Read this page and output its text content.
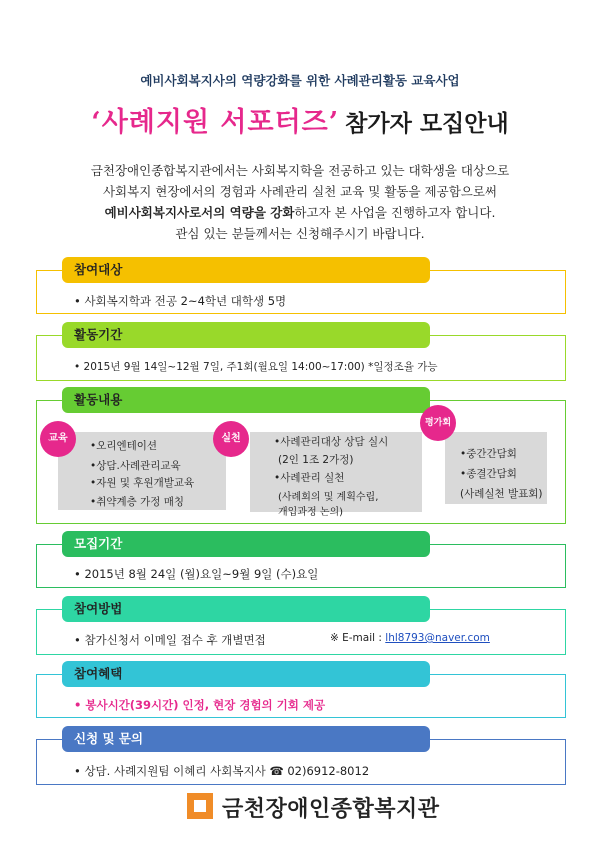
예비사회복지사의 역량강화를 위한 사례관리활동 교육사업
‘사례지원 서포터즈’ 참가자 모집안내
금천장애인종합복지관에서는 사회복지학을 전공하고 있는 대학생을 대상으로
사회복지 현장에서의 경험과 사례관리 실천 교육 및 활동을 제공함으로써
예비사회복지사로서의 역량을 강화하고자 본 사업을 진행하고자 합니다.
관심 있는 분들께서는 신청해주시기 바랍니다.
참여대상
• 사회복지학과 전공 2~4학년 대학생 5명
활동기간
• 2015년 9월 14일~12월 7일, 주1회(월요일 14:00~17:00) *일정조율 가능
활동내용
교육
•오리엔테이션
•상담.사례관리교육
•자원 및 후원개발교육
•취약계층 가정 매칭
실천	•사례관리대상 상담 실시
(2인 1조 2가정)
•사례관리 실천
(사례회의 및 계획수립,
개입과정 논의)
평가회
•중간간담회
•종결간담회
(사례실천 발표회)
모집기간
• 2015년 8월 24일 (월)요일~9월 9일 (수)요일
참여방법
• 참가신청서 이메일 접수 후 개별면접	※ E-mail : lhl8793@naver.com
참여혜택
• 봉사시간(39시간) 인정, 현장 경험의 기회 제공
신청 및 문의
• 상담. 사례지원팀 이혜리 사회복지사 ☎ 02)6912-8012
금천장애인종합복지관
